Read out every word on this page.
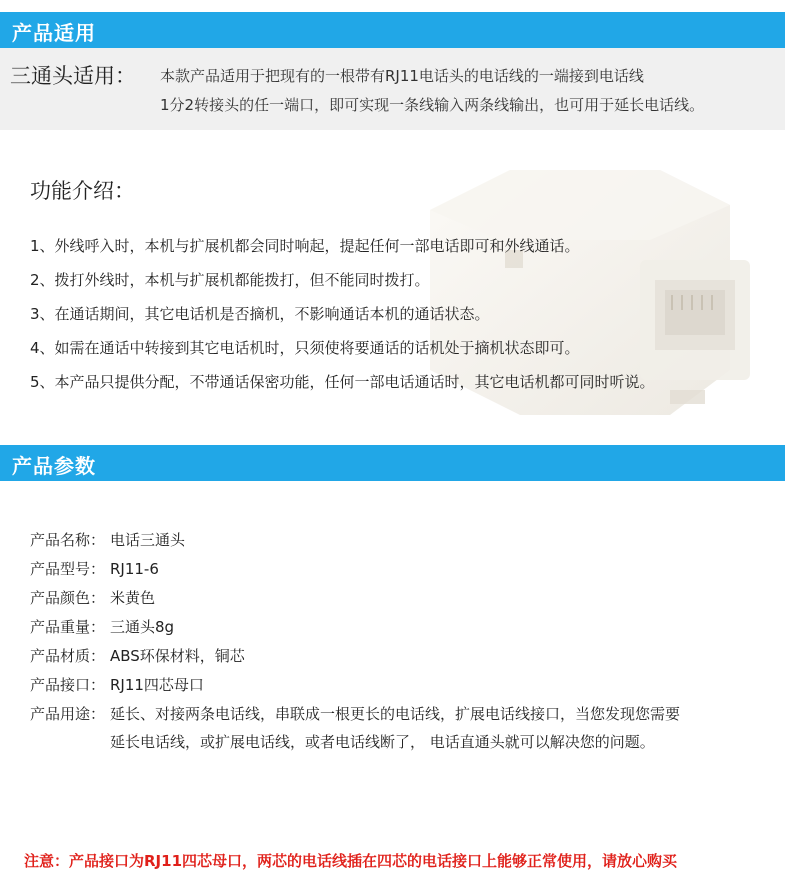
产品适用
三通头适用： 本款产品适用于把现有的一根带有RJ11电话头的电话线的一端接到电话线
1分2转接头的任一端口，即可实现一条线输入两条线输出，也可用于延长电话线。
功能介绍：
1、外线呼入时，本机与扩展机都会同时响起，提起任何一部电话即可和外线通话。
2、拨打外线时，本机与扩展机都能拨打，但不能同时拨打。
3、在通话期间，其它电话机是否摘机，不影响通话本机的通话状态。
4、如需在通话中转接到其它电话机时，只须使将要通话的话机处于摘机状态即可。
5、本产品只提供分配，不带通话保密功能，任何一部电话通话时，其它电话机都可同时听说。
产品参数
产品名称： 电话三通头
产品型号： RJ11-6
产品颜色： 米黄色
产品重量： 三通头8g
产品材质： ABS环保材料，铜芯
产品接口： RJ11四芯母口
产品用途： 延长、对接两条电话线，串联成一根更长的电话线，扩展电话线接口，当您发现您需要
延长电话线，或扩展电话线，或者电话线断了， 电话直通头就可以解决您的问题。
注意：产品接口为RJ11四芯母口，两芯的电话线插在四芯的电话接口上能够正常使用，请放心购买
